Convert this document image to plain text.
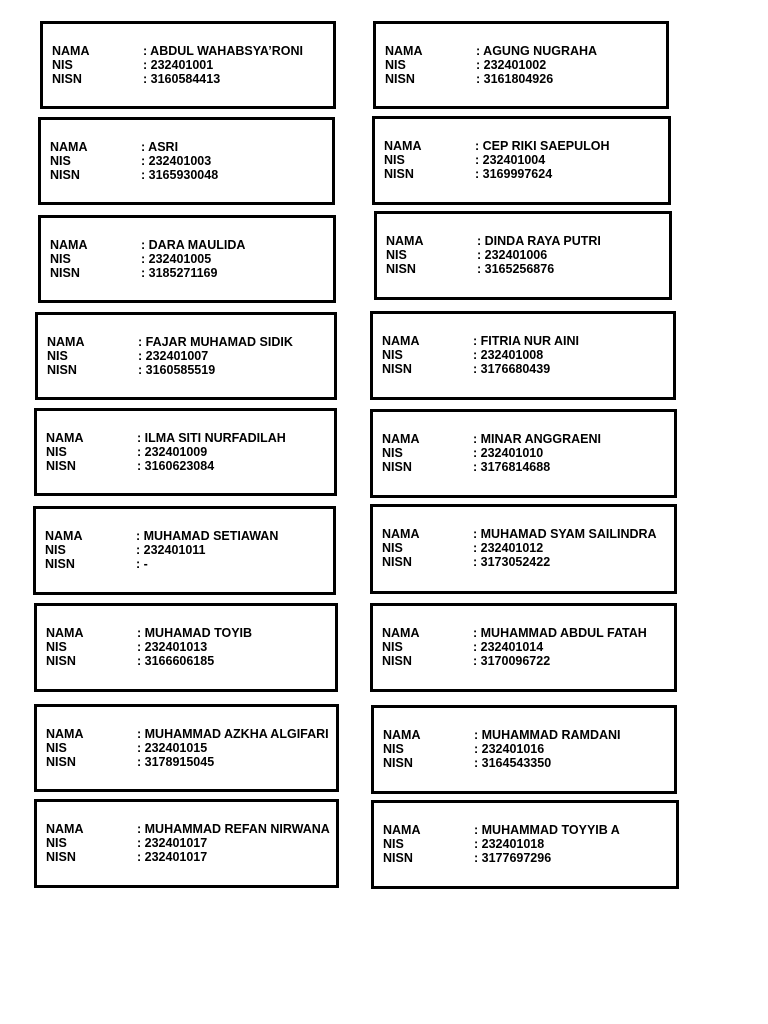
NAMA	: ABDUL WAHABSYA’RONI
NIS	: 232401001
NISN	: 3160584413
NAMA	: AGUNG NUGRAHA
NIS	: 232401002
NISN	: 3161804926
NAMA	: ASRI
NIS	: 232401003
NISN	: 3165930048
NAMA	: CEP RIKI SAEPULOH
NIS	: 232401004
NISN	: 3169997624
NAMA	: DARA MAULIDA
NIS	: 232401005
NISN	: 3185271169
NAMA	: DINDA RAYA PUTRI
NIS	: 232401006
NISN	: 3165256876
NAMA	: FAJAR MUHAMAD SIDIK
NIS	: 232401007
NISN	: 3160585519
NAMA	: FITRIA NUR AINI
NIS	: 232401008
NISN	: 3176680439
NAMA	: ILMA SITI NURFADILAH
NIS	: 232401009
NISN	: 3160623084
NAMA	: MINAR ANGGRAENI
NIS	: 232401010
NISN	: 3176814688
NAMA	: MUHAMAD SETIAWAN
NIS	: 232401011
NISN	: -
NAMA	: MUHAMAD SYAM SAILINDRA
NIS	: 232401012
NISN	: 3173052422
NAMA	: MUHAMAD TOYIB
NIS	: 232401013
NISN	: 3166606185
NAMA	: MUHAMMAD ABDUL FATAH
NIS	: 232401014
NISN	: 3170096722
NAMA	: MUHAMMAD AZKHA ALGIFARI
NIS	: 232401015
NISN	: 3178915045
NAMA	: MUHAMMAD RAMDANI
NIS	: 232401016
NISN	: 3164543350
NAMA	: MUHAMMAD REFAN NIRWANA
NIS	: 232401017
NISN	: 232401017
NAMA	: MUHAMMAD TOYYIB A
NIS	: 232401018
NISN	: 3177697296
